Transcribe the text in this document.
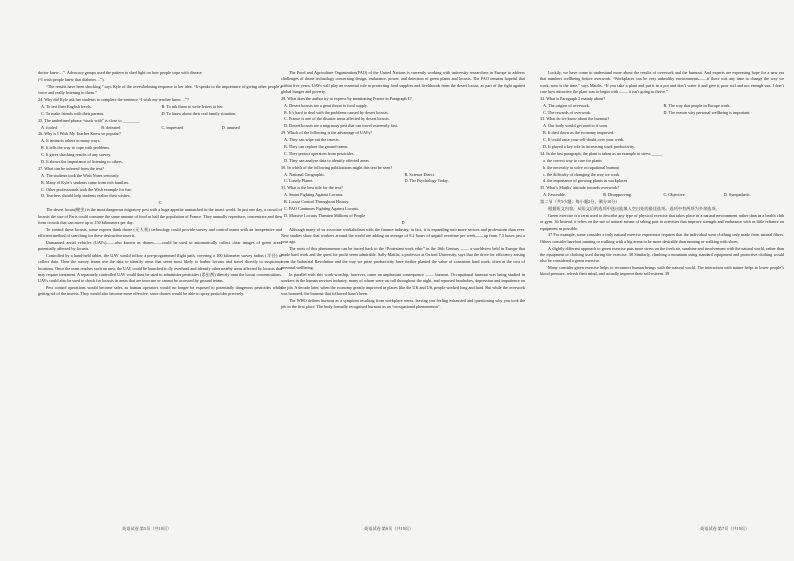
doctor knew…”. Advocacy groups used the pattern to shed light on how people cope with disease

(“I wish people knew that diabetes…”).

“The results have been shocking,” says Kyle of the overwhelming response to her idea. “It speaks to the importance of giving other people a voice and really listening to them.”

24. Why did Kyle ask her students to complete the sentence “I wish my teacher knew…”?

A. To test their English levels.	B. To ask them to write letters to her.

C. To make friends with their parents.	D. To know about their real family situation.

25. The underlined phrase “stuck with” is close to ________.

A. fooled	B. defeated	C. impressed	D. amused

26. Why is I Wish My Teacher Knew so popular?

A. It instructs others in many ways.

B. It tells the way to cope with problems.

C. It gives shocking results of any survey.

D. It shows the importance of listening to others.

27. What can be inferred from the text?

A. The students took the Wish Notes seriously.

B. Many of Kyle’s students came from rich families.

C. Other professionals took the Wish example for fun.

D. Teachers should help students realize their wishes.

C

The desert locust(蝗虫) is the most dangerous migratory pest with a huge appetite unmatched in the insect world. In just one day, a crowd of locusts the size of Paris could consume the same amount of food as half the population of France. They annually reproduce, concentrate and then form crowds that can move up to 150 kilometers per day.

To control these locusts, some experts think drone (无人机) technology could provide survey and control teams with an inexpensive and efficient method of searching for these destructive insects.

Unmanned aerial vehicles (UAVs)——also known as drones——could be used to automatically collect clear images of green areas potentially affected by locusts.

Controlled by a hand-held tablet, the UAV would follow a pre-programmed flight path, covering a 100 kilometer survey radius (半径) to collect data. Then the survey teams use the data to identify areas that seem most likely to harbor locusts and travel directly to suspicious locations. Once the team reaches such an area, the UAV could be launched to fly overhead and identify other nearby areas affected by locusts that may require treatment. A separately controlled UAV could then be used to administer pesticides (杀虫剂) directly onto the locust concentrations. UAVs could also be used to check for locusts in areas that are insecure or cannot be accessed by ground teams.

Pest control operations would become safer, as human operators would no longer be exposed to potentially dangerous pesticides while getting rid of the insects. They would also become more effective, since drones would be able to spray pesticides precisely.

The Food and Agriculture Organization(FAO) of the United Nations is currently working with university researchers in Europe to address challenges of drone technology concerning design, endurance, power, and detection of green plants and locusts. The FAO remains hopeful that within five years, UAVs will play an essential role in protecting food supplies and livelihoods from the desert locust, as part of the fight against global hunger and poverty.

28. What does the author try to express by mentioning France in Paragraph 1?

A. Desert locusts are a great threat to food supply.

B. It’s hard to deal with the problems caused by desert locusts.

C. France is one of the disaster areas affected by desert locusts.

D. Desert locusts are a migratory pest that can travel extremely fast.

29. Which of the following is the advantage of UAVs?

A. They can wipe out the insects.

B. They can replace the ground teams.

C. They protect operators from pesticides.

D. They can analyze data to identify affected areas.

30. In which of the following publications might this text be seen?

A. National Geographic.	B. Science Direct.

C. Lonely Planet.	D. The Psychology Today.

31. What is the best title for the text?

A. Smart Fighting Against Locusts.

B. Locust Control Throughout History.

C. FAO Continues Fighting Against Locusts.

D. Massive Locusts Threaten Millions of People

D

Although many of us associate workaholism with the finance industry, in fact, it is expanding into more sectors and professions than ever. New studies show that workers around the world are adding an average of 9.2 hours of unpaid overtime per week——up from 7.3 hours just a year ago.

The roots of this phenomenon can be traced back to the “Protestant work ethic” in the 16th Century —— a worldview held in Europe that made hard work and the quest for profit seem admirable. Sally Maitlis, a professor at Oxford University, says that the drive for efficiency arising from the Industrial Revolution and the way we prize productivity have further planted the value of consistent hard work, often at the cost of personal wellbeing.

In parallel with this work-worship, however, came an unpleasant consequence —— burnout. Occupational burnout was being studied in workers in the human services industry, many of whom were on call throughout the night, and reported headaches, depression and impatience on the job. A decade later, when the economy greatly improved in places like the UK and US, people worked long and hard. But while the overwork was honored, the burnout that followed hasn’t been.

The WHO defines burnout as a symptom resulting from workplace stress, leaving you feeling exhausted and questioning why you took the job in the first place. The body formally recognised burnout as an “occupational phenomenon”.

Luckily, we have come to understand more about the results of overwork and the burnout. And experts are expressing hope for a new era that numbers wellbeing before overwork. “Workplaces can be very unhealthy environments——if there was any time to change the way we work, now is the time,” says Maitlis. “If you take a plant and put it in a pot and don’t water it and give it poor soil and not enough sun, I don’t care how attractive the plant was to begin with —— it isn’t going to thrive.”

32. What is Paragraph 2 mainly about?

A. The origins of overwork.	B. The way that people in Europe work.

C. The rewards of overwork.	D. The reason why personal wellbeing is important.

33. What do we know about the burnout?

A. Our body would get used to it soon.

B. It died down as the economy improved.

C. It could raise your self-doubt over your work.

D. It played a key role in increasing work productivity.

34. In the last paragraph, the plant is taken as an example to stress _____.

a. the correct way to care for plants

b. the necessity to solve occupational burnout

c. the difficulty of changing the way we work

d. the importance of growing plants in workplaces

35. What’s Maitlis’ attitude towards overwork?

A. Favorable.	B. Disapproving.	C. Objective.	D. Sympathetic.

第二节（共5小题；每小题2分，满分10分）

根据短文内容，从短文后的选项中选出能填入空白处的最佳选项。选项中有两项为多余选项。

Green exercise is a term used to describe any type of physical exercise that takes place in a natural environment rather than in a health club or gym. 36 Instead, it relies on the use of natural means of taking part in activities that improve strength and endurance with as little reliance on equipment as possible.

37 For example, some consider a truly natural exercise experience requires that the individual wear clothing only made from natural fibers. Others consider barefoot running or walking with a big arena to be more desirable than running or walking with shoes.

A slightly different approach to green exercise puts more stress on the fresh air, sunshine and involvement with the natural world, rather than the equipment or clothing used during the exercise. 38 Similarly, climbing a mountain using standard equipment and protective clothing would also be considered a green exercise.

Many consider green exercise helps to reconnect human beings with the natural world. The interaction with nature helps to lower people’s blood pressure, refresh their mind, and actually improve their self-esteem. 39

英语试卷 第5页（共10页）	英语试卷 第6页（共10页）	英语试卷 第7页（共10页）
